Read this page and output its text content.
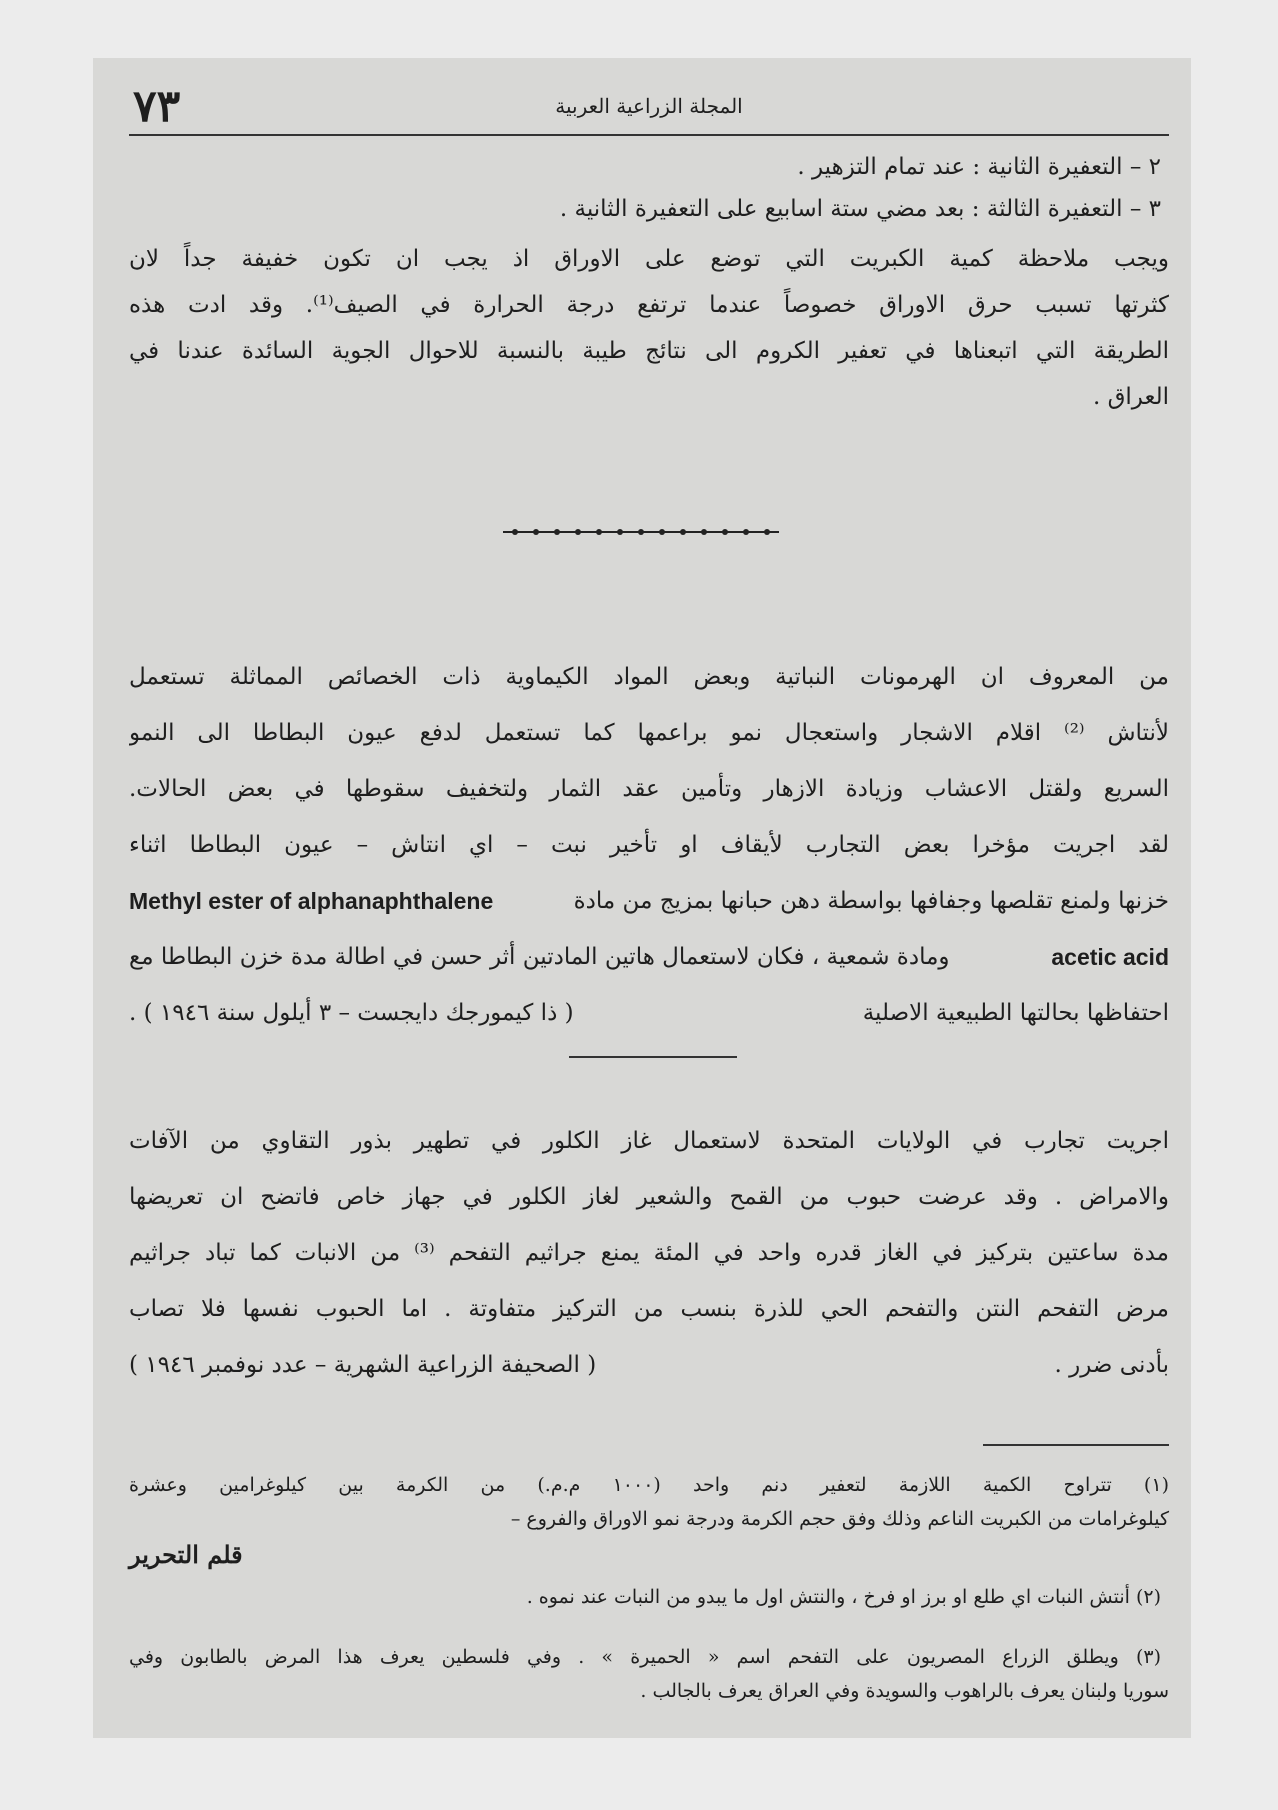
٧٣	المجلة الزراعية العربية
٢ – التعفيرة الثانية : عند تمام التزهير .
٣ – التعفيرة الثالثة : بعد مضي ستة اسابيع على التعفيرة الثانية .
ويجب ملاحظة كمية الكبريت التي توضع على الاوراق اذ يجب ان تكون خفيفة جداً لان
كثرتها تسبب حرق الاوراق خصوصاً عندما ترتفع درجة الحرارة في الصيف⁽¹⁾. وقد ادت هذه
الطريقة التي اتبعناها في تعفير الكروم الى نتائج طيبة بالنسبة للاحوال الجوية السائدة عندنا في
العراق .
من المعروف ان الهرمونات النباتية وبعض المواد الكيماوية ذات الخصائص المماثلة تستعمل
لأنتاش ⁽²⁾ اقلام الاشجار واستعجال نمو براعمها كما تستعمل لدفع عيون البطاطا الى النمو
السريع ولقتل الاعشاب وزيادة الازهار وتأمين عقد الثمار ولتخفيف سقوطها في بعض الحالات.
لقد اجريت مؤخرا بعض التجارب لأيقاف او تأخير نبت – اي انتاش – عيون البطاطا اثناء
خزنها ولمنع تقلصها وجفافها بواسطة دهن حبانها بمزيج من مادة
Methyl ester of alphanaphthalene
acetic acid
ومادة شمعية ، فكان لاستعمال هاتين المادتين أثر حسن في اطالة مدة خزن البطاطا مع
احتفاظها بحالتها الطبيعية الاصلية
( ذا كيمورجك دايجست – ٣ أيلول سنة ١٩٤٦ ) .
اجريت تجارب في الولايات المتحدة لاستعمال غاز الكلور في تطهير بذور التقاوي من الآفات
والامراض . وقد عرضت حبوب من القمح والشعير لغاز الكلور في جهاز خاص فاتضح ان تعريضها
مدة ساعتين بتركيز في الغاز قدره واحد في المئة يمنع جراثيم التفحم ⁽³⁾ من الانبات كما تباد جراثيم
مرض التفحم النتن والتفحم الحي للذرة بنسب من التركيز متفاوتة . اما الحبوب نفسها فلا تصاب
بأدنى ضرر .
( الصحيفة الزراعية الشهرية – عدد نوفمبر ١٩٤٦ )
(١) تتراوح الكمية اللازمة لتعفير دنم واحد (١٠٠٠ م.م.) من الكرمة بين كيلوغرامين وعشرة
كيلوغرامات من الكبريت الناعم وذلك وفق حجم الكرمة ودرجة نمو الاوراق والفروع –
قلم التحرير
(٢) أنتش النبات اي طلع او برز او فرخ ، والنتش اول ما يبدو من النبات عند نموه .
(٣) ويطلق الزراع المصريون على التفحم اسم « الحميرة » . وفي فلسطين يعرف هذا المرض بالطابون وفي
سوريا ولبنان يعرف بالراهوب والسويدة وفي العراق يعرف بالجالب .
